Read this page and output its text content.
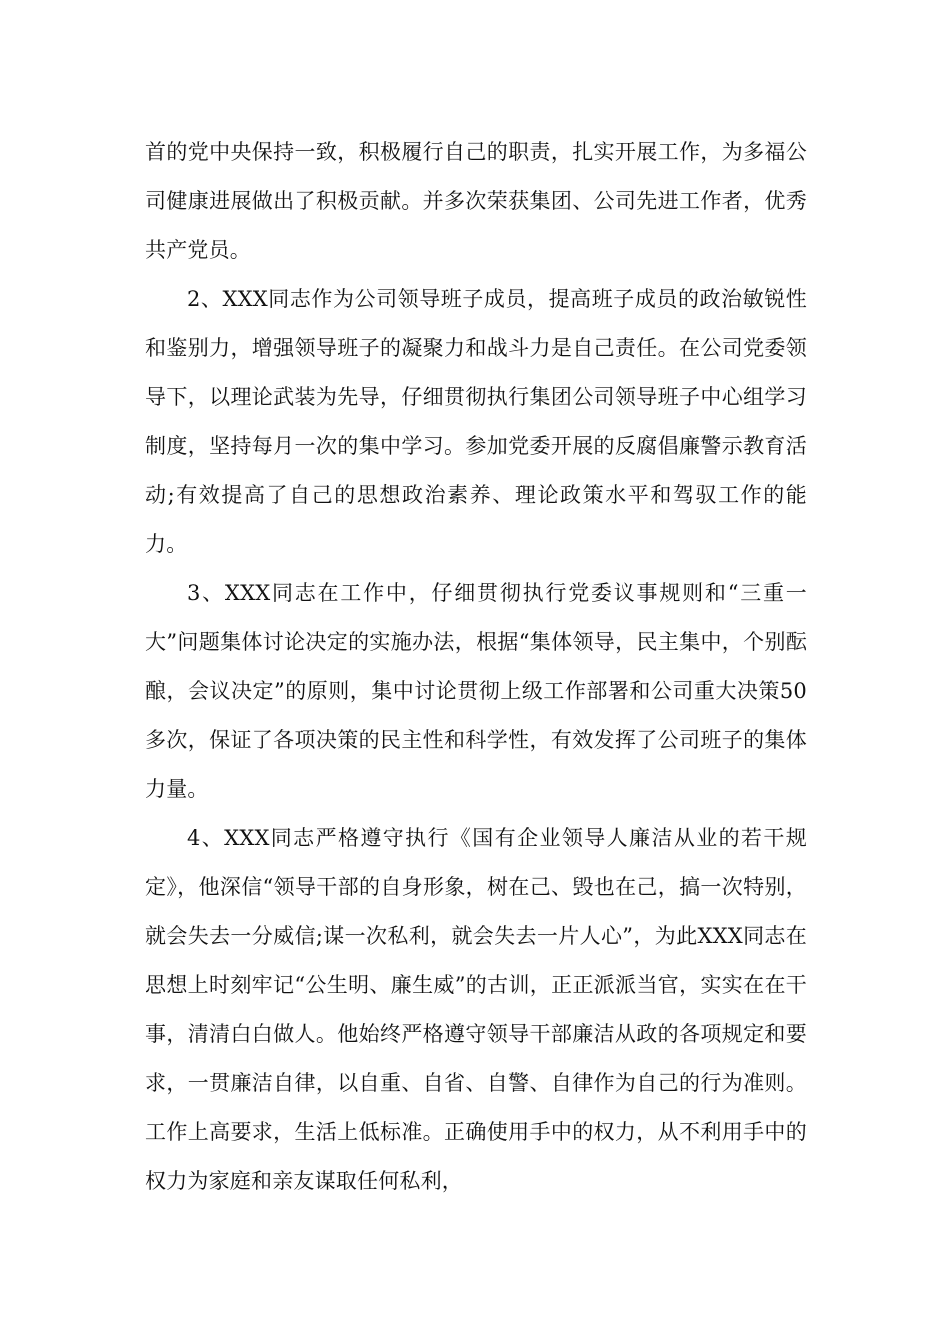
首的党中央保持一致，积极履行自己的职责，扎实开展工作，为多福公司健康进展做出了积极贡献。并多次荣获集团、公司先进工作者，优秀共产党员。

2、XXX同志作为公司领导班子成员，提高班子成员的政治敏锐性和鉴别力，增强领导班子的凝聚力和战斗力是自己责任。在公司党委领导下，以理论武装为先导，仔细贯彻执行集团公司领导班子中心组学习制度，坚持每月一次的集中学习。参加党委开展的反腐倡廉警示教育活动;有效提高了自己的思想政治素养、理论政策水平和驾驭工作的能力。

3、XXX同志在工作中，仔细贯彻执行党委议事规则和“三重一大”问题集体讨论决定的实施办法，根据“集体领导，民主集中，个别酝酿，会议决定”的原则，集中讨论贯彻上级工作部署和公司重大决策50多次，保证了各项决策的民主性和科学性，有效发挥了公司班子的集体力量。

4、XXX同志严格遵守执行《国有企业领导人廉洁从业的若干规定》，他深信“领导干部的自身形象，树在己、毁也在己，搞一次特别，就会失去一分威信;谋一次私利，就会失去一片人心”，为此XXX同志在思想上时刻牢记“公生明、廉生威”的古训，正正派派当官，实实在在干事，清清白白做人。他始终严格遵守领导干部廉洁从政的各项规定和要求，一贯廉洁自律，以自重、自省、自警、自律作为自己的行为准则。工作上高要求，生活上低标准。正确使用手中的权力，从不利用手中的权力为家庭和亲友谋取任何私利，
